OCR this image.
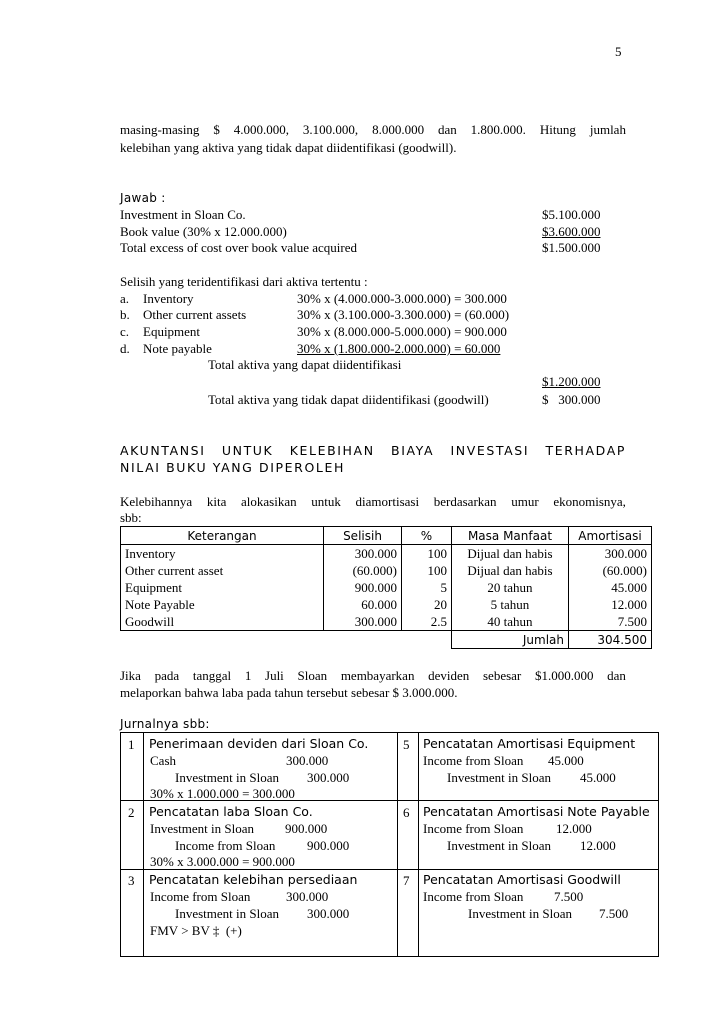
5
masing-masing $ 4.000.000, 3.100.000, 8.000.000 dan 1.800.000. Hitung jumlah
kelebihan yang aktiva yang tidak dapat diidentifikasi (goodwill).
Jawab :
Investment in Sloan Co.	$5.100.000
Book value (30% x 12.000.000)	$3.600.000
Total excess of cost over book value acquired	$1.500.000
Selisih yang teridentifikasi dari aktiva tertentu :
a. Inventory	30% x (4.000.000-3.000.000) = 300.000
b. Other current assets	30% x (3.100.000-3.300.000) = (60.000)
c. Equipment	30% x (8.000.000-5.000.000) = 900.000
d. Note payable	30% x (1.800.000-2.000.000) = 60.000
Total aktiva yang dapat diidentifikasi
$1.200.000
Total aktiva yang tidak dapat diidentifikasi (goodwill)	$   300.000
AKUNTANSI UNTUK KELEBIHAN BIAYA INVESTASI TERHADAP
NILAI BUKU YANG DIPEROLEH
Kelebihannya kita alokasikan untuk diamortisasi berdasarkan umur ekonomisnya,
sbb:
Keterangan	Selisih	%	Masa Manfaat	Amortisasi
Inventory	300.000	100	Dijual dan habis	300.000
Other current asset	(60.000)	100	Dijual dan habis	(60.000)
Equipment	900.000	5	20 tahun	45.000
Note Payable	60.000	20	5 tahun	12.000
Goodwill	300.000	2.5	40 tahun	7.500
			Jumlah	304.500
Jika pada tanggal 1 Juli Sloan membayarkan deviden sebesar $1.000.000 dan
melaporkan bahwa laba pada tahun tersebut sebesar $ 3.000.000.
Jurnalnya sbb:
1 Penerimaan deviden dari Sloan Co.
Cash	300.000
Investment in Sloan 300.000
30% x 1.000.000 = 300.000
2 Pencatatan laba Sloan Co.
Investment in Sloan 900.000
Income from Sloan 900.000
30% x 3.000.000 = 900.000
3 Pencatatan kelebihan persediaan
Income from Sloan	300.000
Investment in Sloan 300.000
FMV > BV ‡  (+)
5 Pencatatan Amortisasi Equipment
Income from Sloan 45.000
Investment in Sloan 45.000
6 Pencatatan Amortisasi Note Payable
Income from Sloan	12.000
Investment in Sloan 12.000
7 Pencatatan Amortisasi Goodwill
Income from Sloan 7.500
Investment in Sloan 7.500
